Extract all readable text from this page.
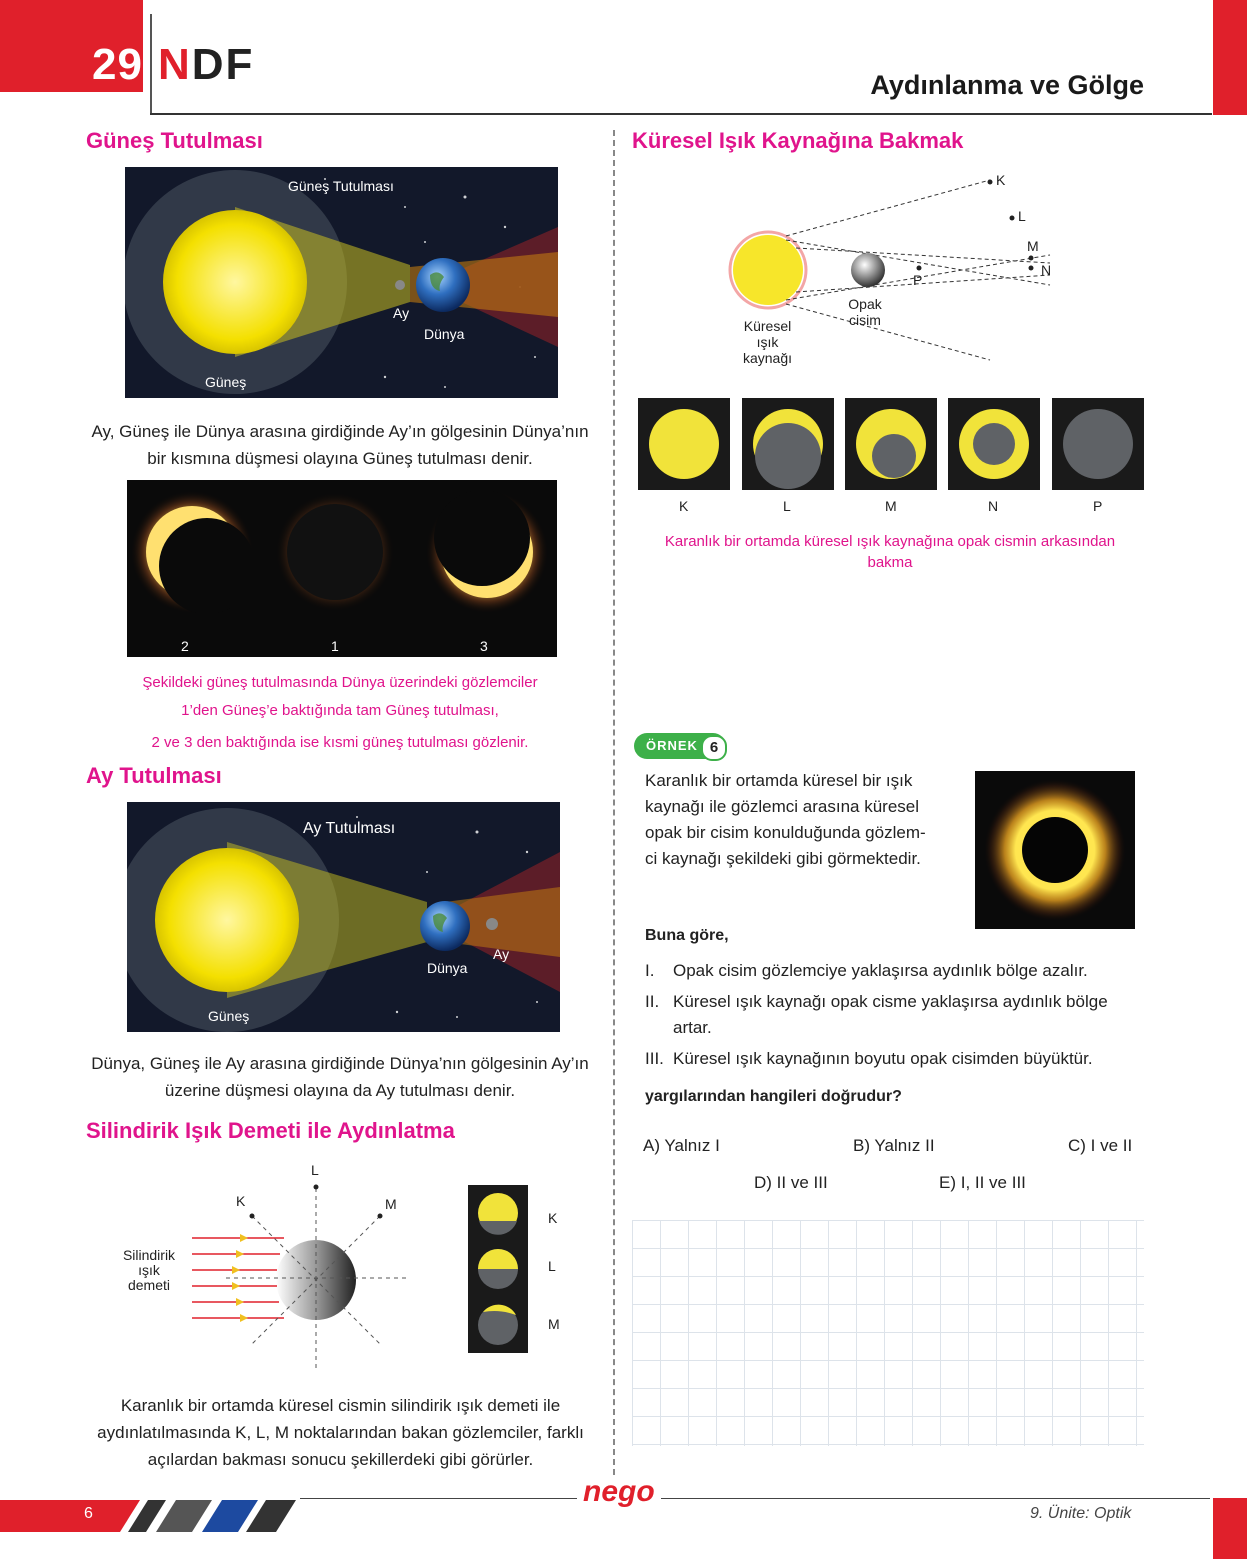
29 NDF	Aydınlanma ve Gölge
Güneş Tutulması
Güneş Tutulması
Ay
Dünya
Güneş
Ay, Güneş ile Dünya arasına girdiğinde Ay’ın gölgesinin Dünya’nın bir kısmına düşmesi olayına Güneş tutulması denir.
2	1	3
Şekildeki güneş tutulmasında Dünya üzerindeki gözlemciler
1’den Güneş’e baktığında tam Güneş tutulması,
2 ve 3 den baktığında ise kısmi güneş tutulması gözlenir.
Ay Tutulması
Ay Tutulması
Dünya
Ay
Güneş
Dünya, Güneş ile Ay arasına girdiğinde Dünya’nın gölgesinin Ay’ın üzerine düşmesi olayına da Ay tutulması denir.
Silindirik Işık Demeti ile Aydınlatma
L
K	M
Silindirik
ışık
demeti
K
L
M
Karanlık bir ortamda küresel cismin silindirik ışık demeti ile aydınlatılmasında K, L, M noktalarından bakan gözlemciler, farklı açılardan bakması sonucu şekillerdeki gibi görürler.
Küresel Işık Kaynağına Bakmak
K
L
M
N
P
Küresel
ışık
kaynağı
Opak
cisim
K	L	M	N	P
Karanlık bir ortamda küresel ışık kaynağına opak cismin arkasından
bakma
ÖRNEK 6
Karanlık bir ortamda küresel bir ışık
kaynağı ile gözlemci arasına küresel
opak bir cisim konulduğunda gözlem-
ci kaynağı şekildeki gibi görmektedir.
Buna göre,
I. Opak cisim gözlemciye yaklaşırsa aydınlık bölge azalır.
II. Küresel ışık kaynağı opak cisme yaklaşırsa aydınlık bölge artar.
III. Küresel ışık kaynağının boyutu opak cisimden büyüktür.
yargılarından hangileri doğrudur?
A) Yalnız I	B) Yalnız II	C) I ve II
D) II ve III	E) I, II ve III
6
nego
9. Ünite: Optik
